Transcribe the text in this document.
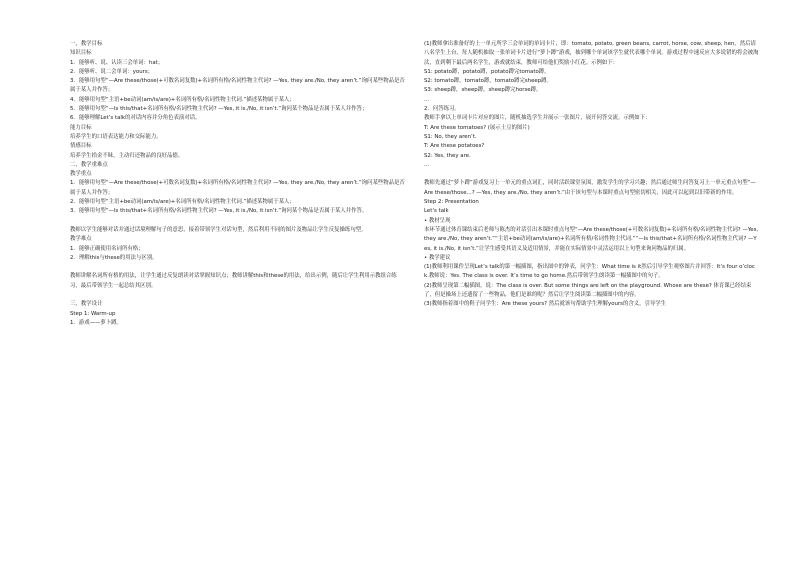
一，教学目标

知识目标

1．能够听、说、认读三会单词：hat；

2．能够听、说二会单词：yours；

3．能够用句型“—Are these/those(+可数名词复数)+名词所有格/名词性物主代词? —Yes, they are./No, they aren’t.”询问某些物品是否属于某人并作答；

4．能够用句型“主语+be动词(am/is/are)+名词所有格/名词性物主代词.”描述某物属于某人；

5．能够用句型“—Is this/that+名词所有格/名词性物主代词? —Yes, it is./No, it isn’t.”询问某个物品是否属于某人并作答；

6．能够理解Let’s talk的对话内容并分角色表演对话。

能力目标

培养学生的口语表达能力和交际能力。

情感目标

培养学生拾金不昧，主动归还物品的良好品德。

二，教学重难点

教学重点

1．能够用句型“—Are these/those(+可数名词复数)+名词所有格/名词性物主代词? —Yes, they are./No, they aren’t.”询问某些物品是否属于某人并作答；

2．能够用句型“主语+be动词(am/is/are)+名词所有格/名词性物主代词.”描述某物属于某人；

3．能够用句型“—Is this/that+名词所有格/名词性物主代词? —Yes, it is./No, it isn’t.”询问某个物品是否属于某人并作答。

教师以学生能够对话并通过话境理解句子的意思，接着带领学生对话句型，然后利用不同的图片及物品让学生反复操练句型。

教学难点

1．能够正确使用名词所有格；

2．理解this与these的用法与区别。

教师讲解名词所有格的用法，让学生通过反复朗读对话掌握知识点；教师讲解this和these的用法，给出示例，随后让学生利用示教组合练习，最后带领学生一起总结其区别。

三，教学设计

Step 1: Warm-up

1．游戏——萝卜蹲。

(1)教师拿出准备好的上一单元所学三会单词的单词卡片，即：tomato, potato, green beans, carrot, horse, cow, sheep, hen，然后请八名学生上台，每人随机抽取一张单词卡片进行“萝卜蹲”游戏，抽到哪个单词该学生就代表哪个单词。游戏过程中速反应大多说错的将会被淘汰，直到剩下最后两名学生，游戏就结束，教师可给他们奖励小红花。示例如下：

S1: potato蹲，potato蹲，potato蹲完tomato蹲。

S2: tomato蹲，tomato蹲，tomato蹲完sheep蹲。

S3: sheep蹲，sheep蹲，sheep蹲完horse蹲。

...

2．问答练习。

教师手拿以上单词卡片对应的图片，随机抽选学生并展示一张图片，展开问答交流。示例如下：

T: Are these tomatoes? (展示土豆的图片)

S1: No, they aren’t.

T: Are these potatoes?

S2: Yes, they are.

...

教师先通过“萝卜蹲”游戏复习上一单元的重点词汇，同时活跃课堂氛围，激发学生的学习兴趣；然后通过师生问答复习上一单元重点句型“—Are these/those...? —Yes, they are./No, they aren’t.”由于该句型与本课时重点句型密切相关，因此可以起到以旧带新的作用。

Step 2: Presentation

Let’s talk

• 教材呈现

本环节通过体育课结束后老师与陈杰的对话引出本课时重点句型“—Are these/those(+可数名词复数)+名词所有格/名词性物主代词? —Yes, they are./No, they aren’t.”“主语+be动词(am/is/are)+名词所有格/名词性物主代词.”“—Is this/that+名词所有格/名词性物主代词? —Yes, it is./No, it isn’t.”让学生感受其语义及适用情景，并能在实际情景中灵活运用以上句型来询问物品的归属。

• 教学建议

(1)教师利用课件呈现Let’s talk的第一幅插图，指出图中的钟表，问学生：What time is it然后引导学生观察图片并回答：It’s four o’clock.教师说：Yes. The class is over. It’s time to go home.然后带领学生朗读第一幅插图中的句子。

(2)教师呈现第二幅插图，说：The class is over. But some things are left on the playground. Whose are these? 体育课已经结束了，但是操场上还遗留了一些物品，他们是谁的呢？然后让学生阅读第二幅插图中的内容。

(3)教师指着图中的鞋子问学生：Are these yours? 然后就该句帮助学生理解yours的含义，引导学生
